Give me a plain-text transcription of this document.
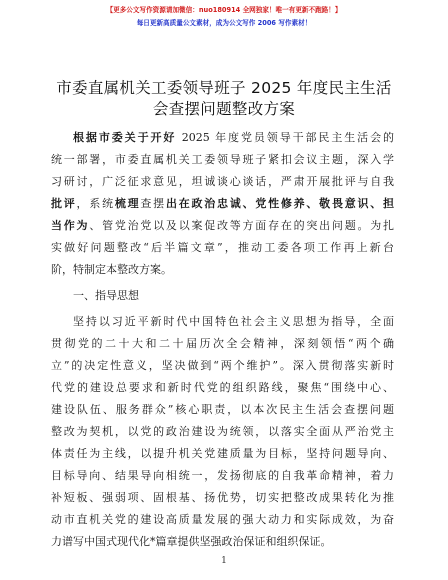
【更多公文写作资源请加微信：nuo180914 全网独家！唯一有更新不跑路！】
每日更新高质量公文素材，成为公文写作 2006 写作素材！
市委直属机关工委领导班子 2025 年度民主生活
会查摆问题整改方案
根据市委关于开好 2025 年度党员领导干部民主生活会的
统一部署，市委直属机关工委领导班子紧扣会议主题，深入学
习研讨，广泛征求意见，坦诚谈心谈话，严肃开展批评与自我
批评，系统梳理查摆出在政治忠诚、党性修养、敬畏意识、担
当作为、管党治党以及以案促改等方面存在的突出问题。为扎
实做好问题整改“后半篇文章”，推动工委各项工作再上新台
阶，特制定本整改方案。
一、指导思想
坚持以习近平新时代中国特色社会主义思想为指导，全面
贯彻党的二十大和二十届历次全会精神，深刻领悟“两个确
立”的决定性意义，坚决做到“两个维护”。深入贯彻落实新时
代党的建设总要求和新时代党的组织路线，聚焦“围绕中心、
建设队伍、服务群众”核心职责，以本次民主生活会查摆问题
整改为契机，以党的政治建设为统领，以落实全面从严治党主
体责任为主线，以提升机关党建质量为目标，坚持问题导向、
目标导向、结果导向相统一，发扬彻底的自我革命精神，着力
补短板、强弱项、固根基、扬优势，切实把整改成果转化为推
动市直机关党的建设高质量发展的强大动力和实际成效，为奋
力谱写中国式现代化*篇章提供坚强政治保证和组织保证。
1
